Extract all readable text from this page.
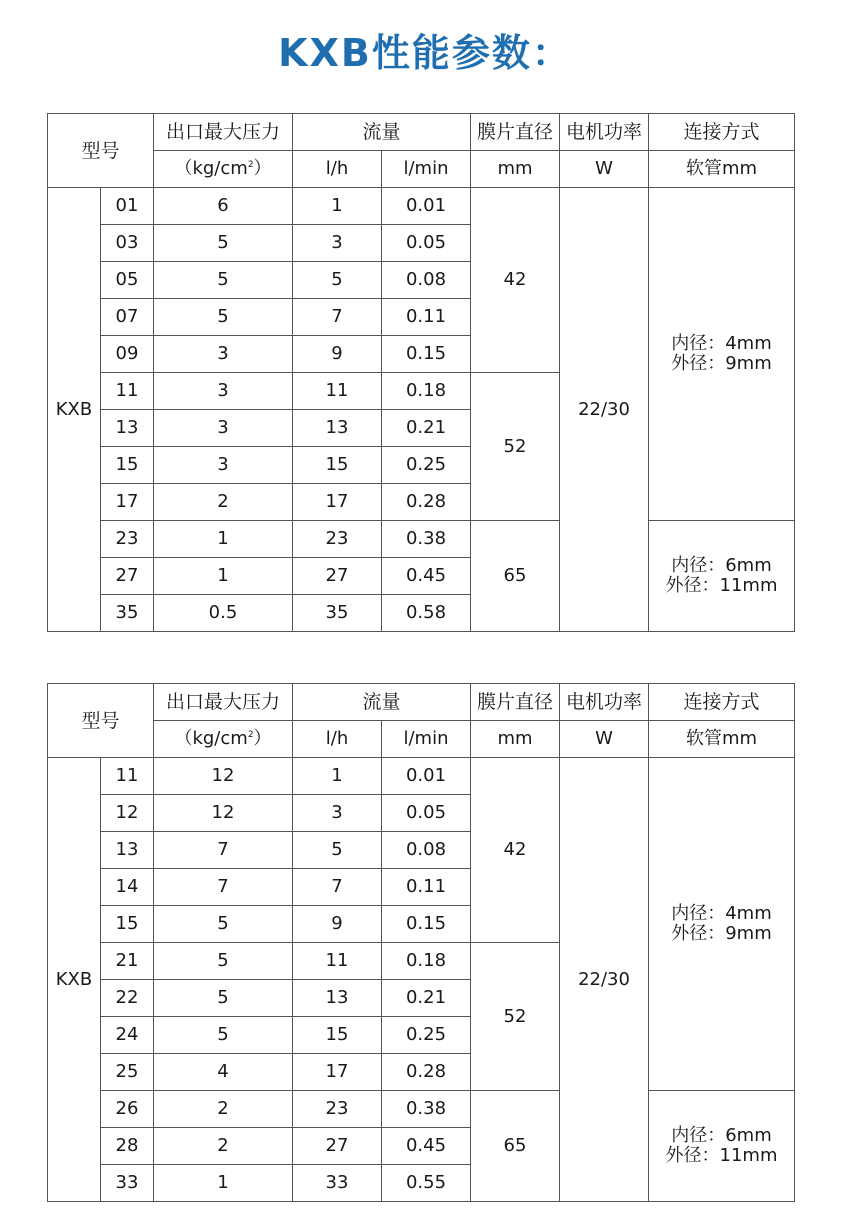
KXB性能参数：
型号		出口最大压力	流量		膜片直径	电机功率	连接方式
		$(kg/cm^2)$	l/h	l/min	mm	W	软管mm
KXB	01	6	1	0.01	42	22/30	内径：4mm
外径：9mm

	03	5	3	0.05			
	05	5	5	0.08			
	07	5	7	0.11			
	09	3	9	0.15			
	11	3	11	0.18	52		
	13	3	13	0.21			
	15	3	15	0.25			
	17	2	17	0.28			
	23	1	23	0.38	65		内径：6mm
外径：11mm

	27	1	27	0.45			
	35	0.5	35	0.58			
型号		出口最大压力	流量		膜片直径	电机功率	连接方式
		$(kg/cm^2)$	l/h	l/min	mm	W	软管mm
KXB	11	12	1	0.01	42	22/30	内径：4mm
外径：9mm

	12	12	3	0.05			
	13	7	5	0.08			
	14	7	7	0.11			
	15	5	9	0.15			
	21	5	11	0.18	52		
	22	5	13	0.21			
	24	5	15	0.25			
	25	4	17	0.28			
	26	2	23	0.38	65		内径：6mm
外径：11mm

	28	2	27	0.45			
	33	1	33	0.55			
